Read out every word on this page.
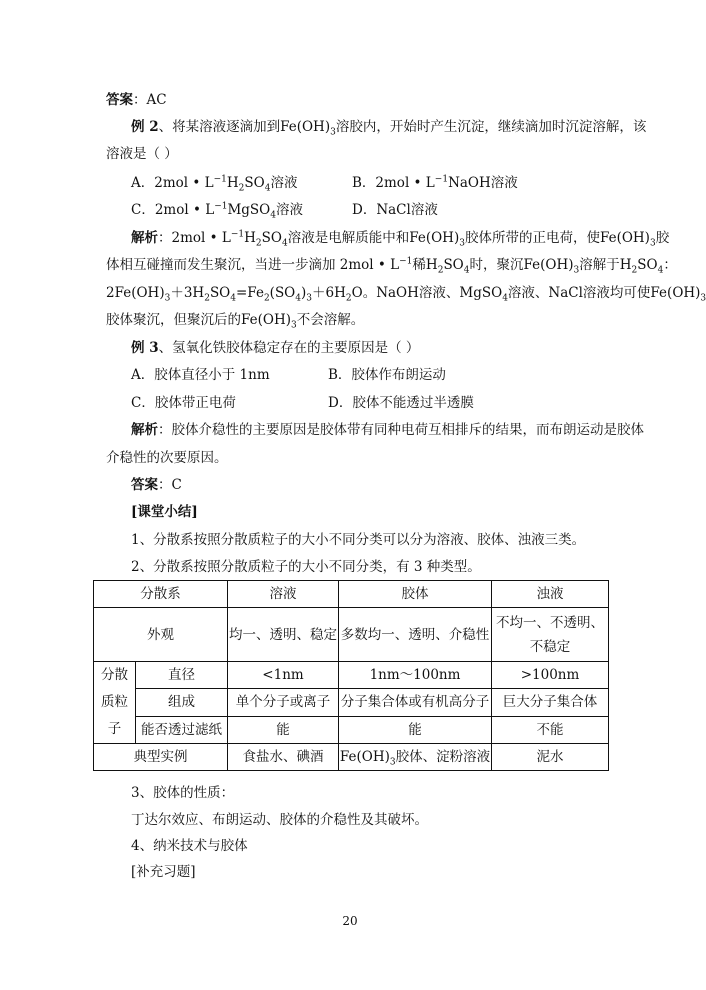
答案：AC
例 2、将某溶液逐滴加到$Fe(OH)_3$溶胶内，开始时产生沉淀，继续滴加时沉淀溶解，该
溶液是（ ）
A．2mol • $L^{-1}H_2SO_4$溶液	B．2mol • $L^{-1}NaOH$溶液
C．2mol • $L^{-1}MgSO_4$溶液	D．NaCl溶液
解析：2mol • $L^{-1}H_2SO_4$溶液是电解质能中和$Fe(OH)_3$胶体所带的正电荷，使$Fe(OH)_3$胶
体相互碰撞而发生聚沉，当进一步滴加 2mol • $L^{-1}$稀$H_2SO_4$时，聚沉$Fe(OH)_3$溶解于$H_2SO_4$：
$2Fe(OH)_3+3H_2SO_4=Fe_2(SO_4)_3+6H_2O$。NaOH溶液、MgSO$_4$溶液、NaCl溶液均可使$Fe(OH)_3$
胶体聚沉，但聚沉后的$Fe(OH)_3$不会溶解。
例 3、氢氧化铁胶体稳定存在的主要原因是（ ）
A．胶体直径小于 1nm	B．胶体作布朗运动
C．胶体带正电荷	D．胶体不能透过半透膜
解析：胶体介稳性的主要原因是胶体带有同种电荷互相排斥的结果，而布朗运动是胶体
介稳性的次要原因。
答案：C
[课堂小结]
1、分散系按照分散质粒子的大小不同分类可以分为溶液、胶体、浊液三类。
2、分散系按照分散质粒子的大小不同分类，有 3 种类型。
分散系		溶液	胶体	浊液
外观		均一、透明、稳定	多数均一、透明、介稳性	不均一、不透明、
不稳定
分散
质粒
子	直径	<1nm	1nm～100nm	>100nm
	组成	单个分子或离子	分子集合体或有机高分子	巨大分子集合体
	能否透过滤纸	能	能	不能
典型实例		食盐水、碘酒	$Fe(OH)_3$胶体、淀粉溶液	泥水
3、胶体的性质：
丁达尔效应、布朗运动、胶体的介稳性及其破坏。
4、纳米技术与胶体
[补充习题]
20
